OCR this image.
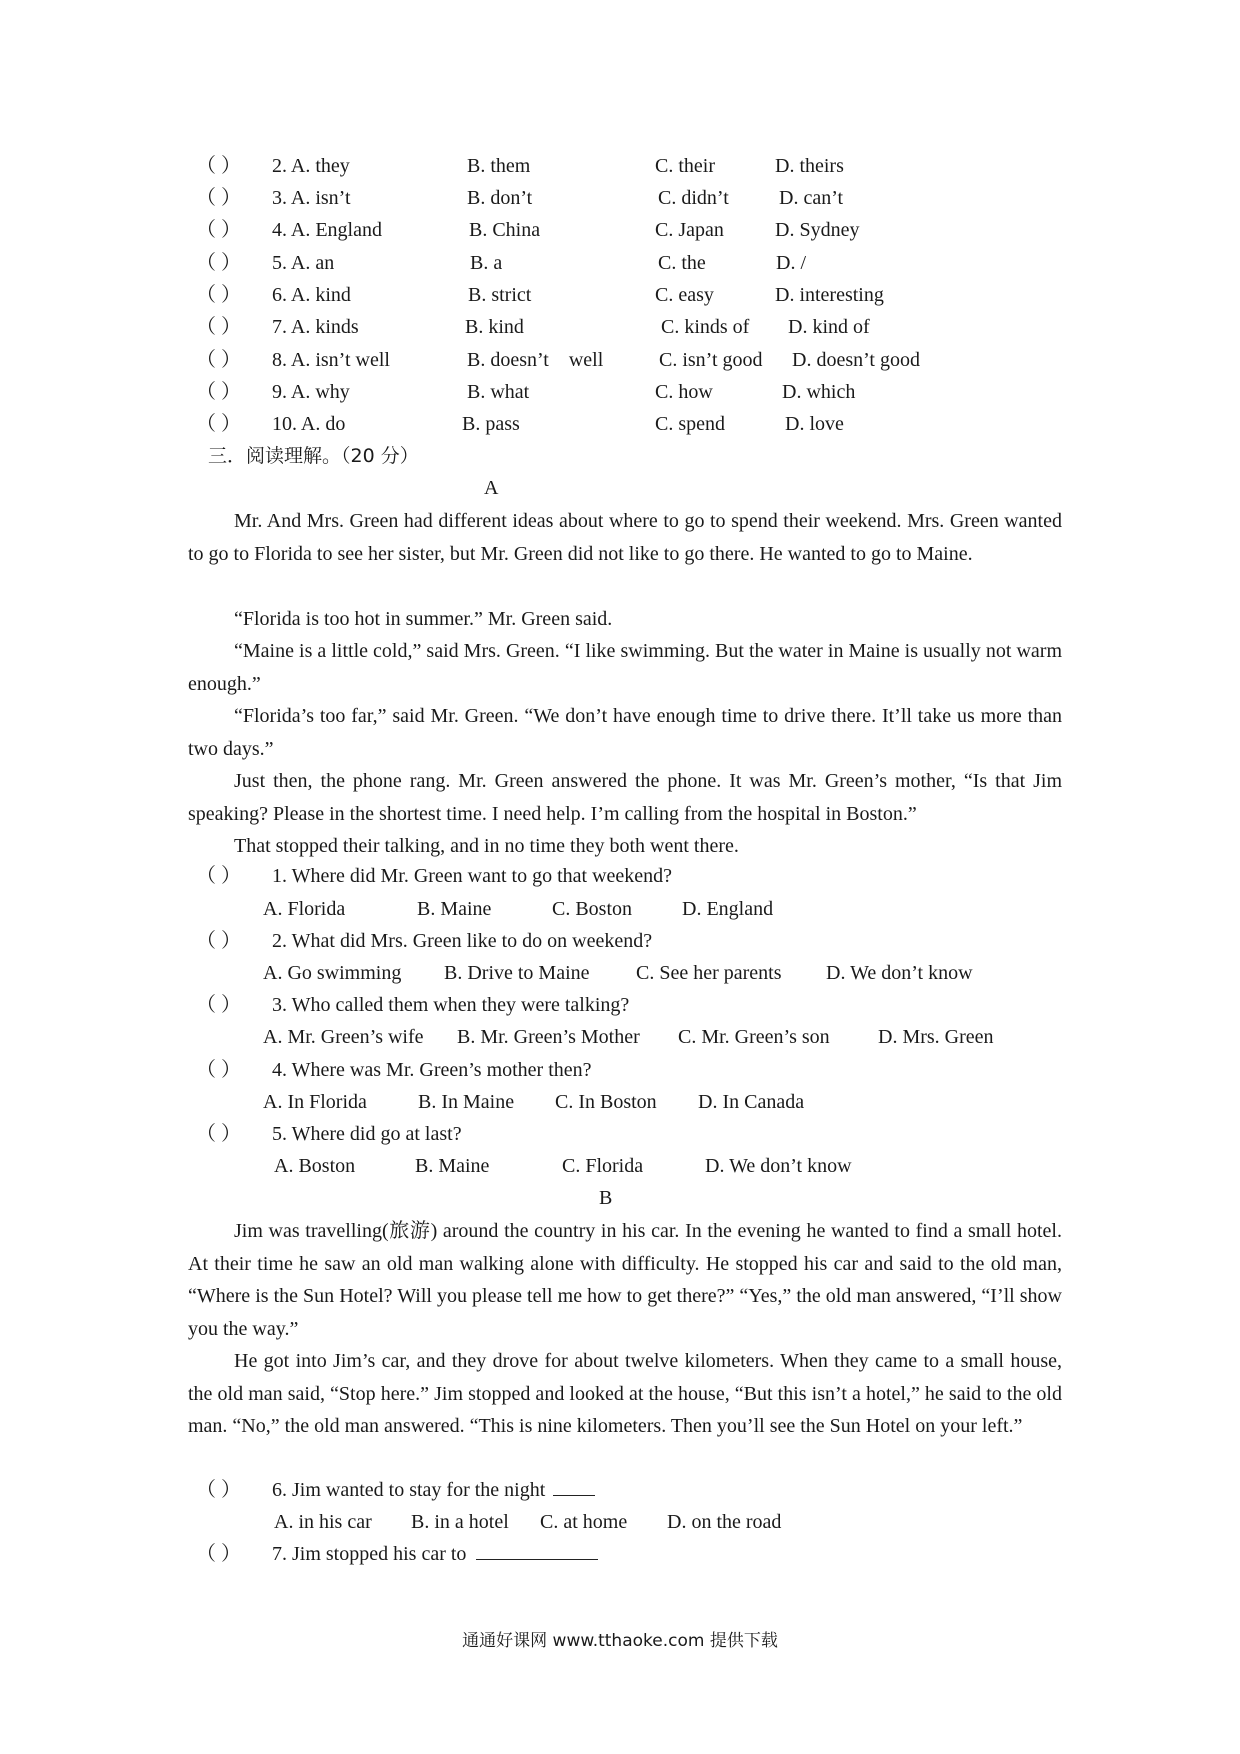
（ ） 2. A. they	B. them	C. their	D. theirs
（ ） 3. A. isn’t	B. don’t	C. didn’t	D. can’t
（ ） 4. A. England	B. China	C. Japan	D. Sydney
（ ） 5. A. an	B. a	C. the	D. /
（ ） 6. A. kind	B. strict	C. easy	D. interesting
（ ） 7. A. kinds	B. kind	C. kinds of D. kind of
（ ） 8. A. isn’t well	B. doesn’t    well	C. isn’t good D. doesn’t good
（ ） 9. A. why	B. what	C. how	D. which
（ ） 10. A. do	B. pass	C. spend	D. love
三．阅读理解。（20 分）
A
Mr. And Mrs. Green had different ideas about where to go to spend their weekend. Mrs. Green wanted to go to Florida to see her sister, but Mr. Green did not like to go there. He wanted to go to Maine.
“Florida is too hot in summer.” Mr. Green said.
“Maine is a little cold,” said Mrs. Green. “I like swimming. But the water in Maine is usually not warm enough.”
“Florida’s too far,” said Mr. Green. “We don’t have enough time to drive there. It’ll take us more than two days.”
Just then, the phone rang. Mr. Green answered the phone. It was Mr. Green’s mother, “Is that Jim speaking? Please in the shortest time. I need help. I’m calling from the hospital in Boston.”
That stopped their talking, and in no time they both went there.
（ ） 1. Where did Mr. Green want to go that weekend?
A. Florida	B. Maine	C. Boston D. England
（ ） 2. What did Mrs. Green like to do on weekend?
A. Go swimming B. Drive to Maine C. See her parents D. We don’t know
（ ） 3. Who called them when they were talking?
A. Mr. Green’s wife B. Mr. Green’s Mother C. Mr. Green’s son D. Mrs. Green
（ ） 4. Where was Mr. Green’s mother then?
A. In Florida	B. In Maine C. In Boston D. In Canada
（ ） 5. Where did go at last?
A. Boston	B. Maine	C. Florida	D. We don’t know
B
Jim was travelling(旅游) around the country in his car. In the evening he wanted to find a small hotel. At their time he saw an old man walking alone with difficulty. He stopped his car and said to the old man, “Where is the Sun Hotel? Will you please tell me how to get there?” “Yes,” the old man answered, “I’ll show you the way.”
He got into Jim’s car, and they drove for about twelve kilometers. When they came to a small house, the old man said, “Stop here.” Jim stopped and looked at the house, “But this isn’t a hotel,” he said to the old man. “No,” the old man answered. “This is nine kilometers. Then you’ll see the Sun Hotel on your left.”
（ ） 6. Jim wanted to stay for the night
A. in his car B. in a hotel C. at home D. on the road
（ ） 7. Jim stopped his car to
通通好课网 www.tthaoke.com 提供下载
